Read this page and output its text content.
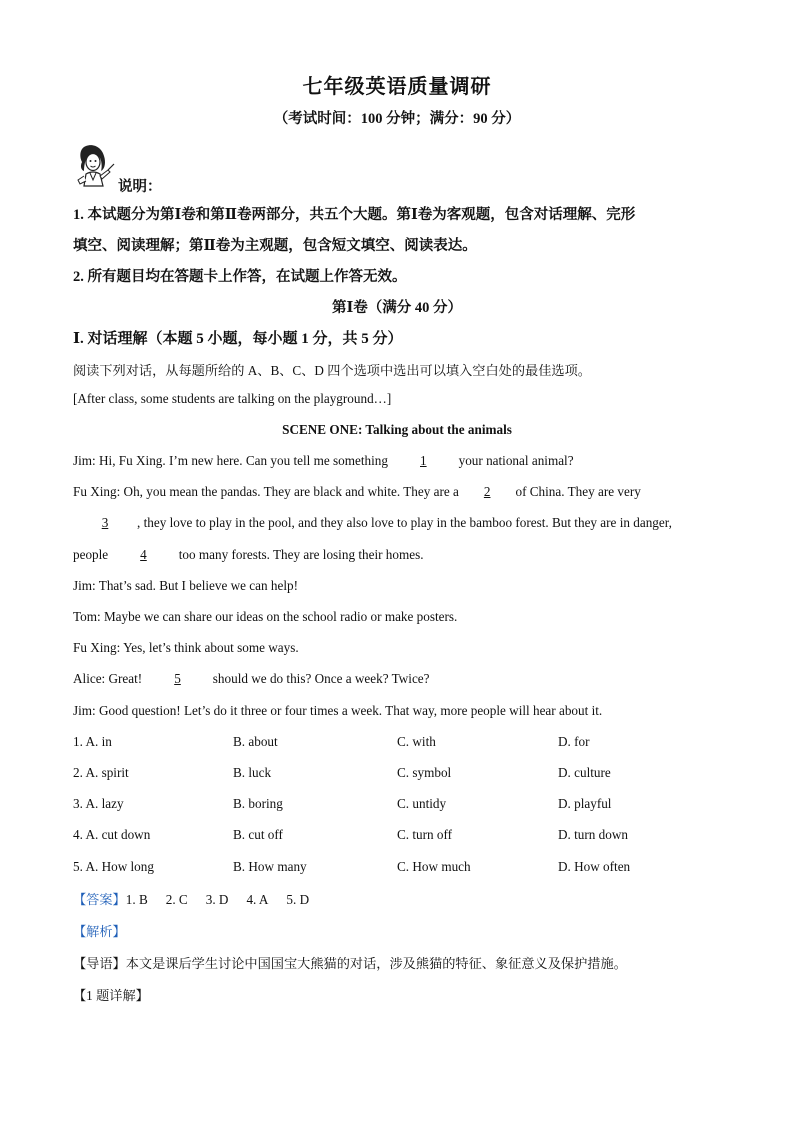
七年级英语质量调研
（考试时间：100 分钟；满分：90 分）
说明：
1. 本试题分为第Ⅰ卷和第Ⅱ卷两部分，共五个大题。第Ⅰ卷为客观题，包含对话理解、完形
填空、阅读理解；第Ⅱ卷为主观题，包含短文填空、阅读表达。
2. 所有题目均在答题卡上作答，在试题上作答无效。
第Ⅰ卷（满分 40 分）
Ⅰ. 对话理解（本题 5 小题，每小题 1 分，共 5 分）
阅读下列对话，从每题所给的 A、B、C、D 四个选项中选出可以填入空白处的最佳选项。
[After class, some students are talking on the playground…]
SCENE ONE: Talking about the animals
Jim: Hi, Fu Xing. I’m new here. Can you tell me something 1 your national animal?
Fu Xing: Oh, you mean the pandas. They are black and white. They are a 2 of China. They are very
3 , they love to play in the pool, and they also love to play in the bamboo forest. But they are in danger,
people 4 too many forests. They are losing their homes.
Jim: That’s sad. But I believe we can help!
Tom: Maybe we can share our ideas on the school radio or make posters.
Fu Xing: Yes, let’s think about some ways.
Alice: Great! 5 should we do this? Once a week? Twice?
Jim: Good question! Let’s do it three or four times a week. That way, more people will hear about it.
1. A. in	B. about	C. with	D. for
2. A. spirit	B. luck	C. symbol	D. culture
3. A. lazy	B. boring	C. untidy	D. playful
4. A. cut down	B. cut off	C. turn off	D. turn down
5. A. How long	B. How many	C. How much	D. How often
【答案】1. B 2. C 3. D 4. A 5. D
【解析】
【导语】本文是课后学生讨论中国国宝大熊猫的对话，涉及熊猫的特征、象征意义及保护措施。
【1 题详解】
